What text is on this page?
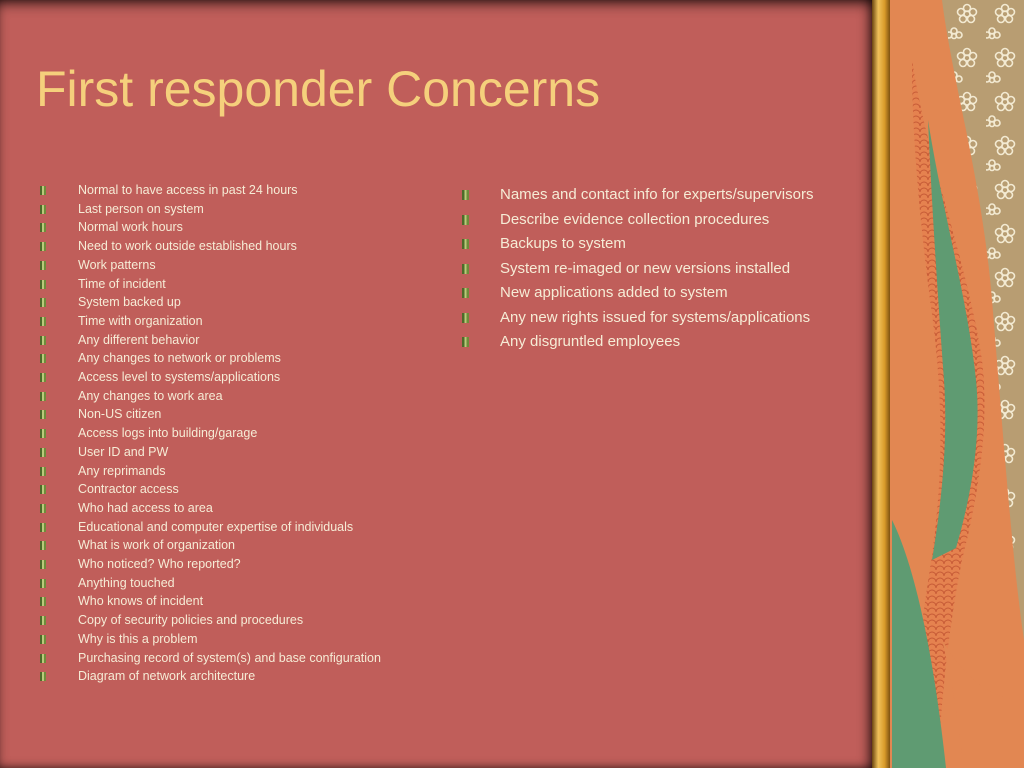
First responder Concerns
Normal to have access in past 24 hours
Last person on system
Normal work hours
Need to work outside established hours
Work patterns
Time of incident
System backed up
Time with organization
Any different behavior
Any changes to network or problems
Access level to systems/applications
Any changes to work area
Non-US citizen
Access logs into building/garage
User ID and PW
Any reprimands
Contractor access
Who had access to area
Educational and computer expertise of individuals
What is work of organization
Who noticed? Who reported?
Anything touched
Who knows of incident
Copy of security policies and procedures
Why is this a problem
Purchasing record of system(s) and base configuration
Diagram of network architecture
Names and contact info for experts/supervisors
Describe evidence collection procedures
Backups to system
System re-imaged or new versions installed
New applications added to system
Any new rights issued for systems/applications
Any disgruntled employees
